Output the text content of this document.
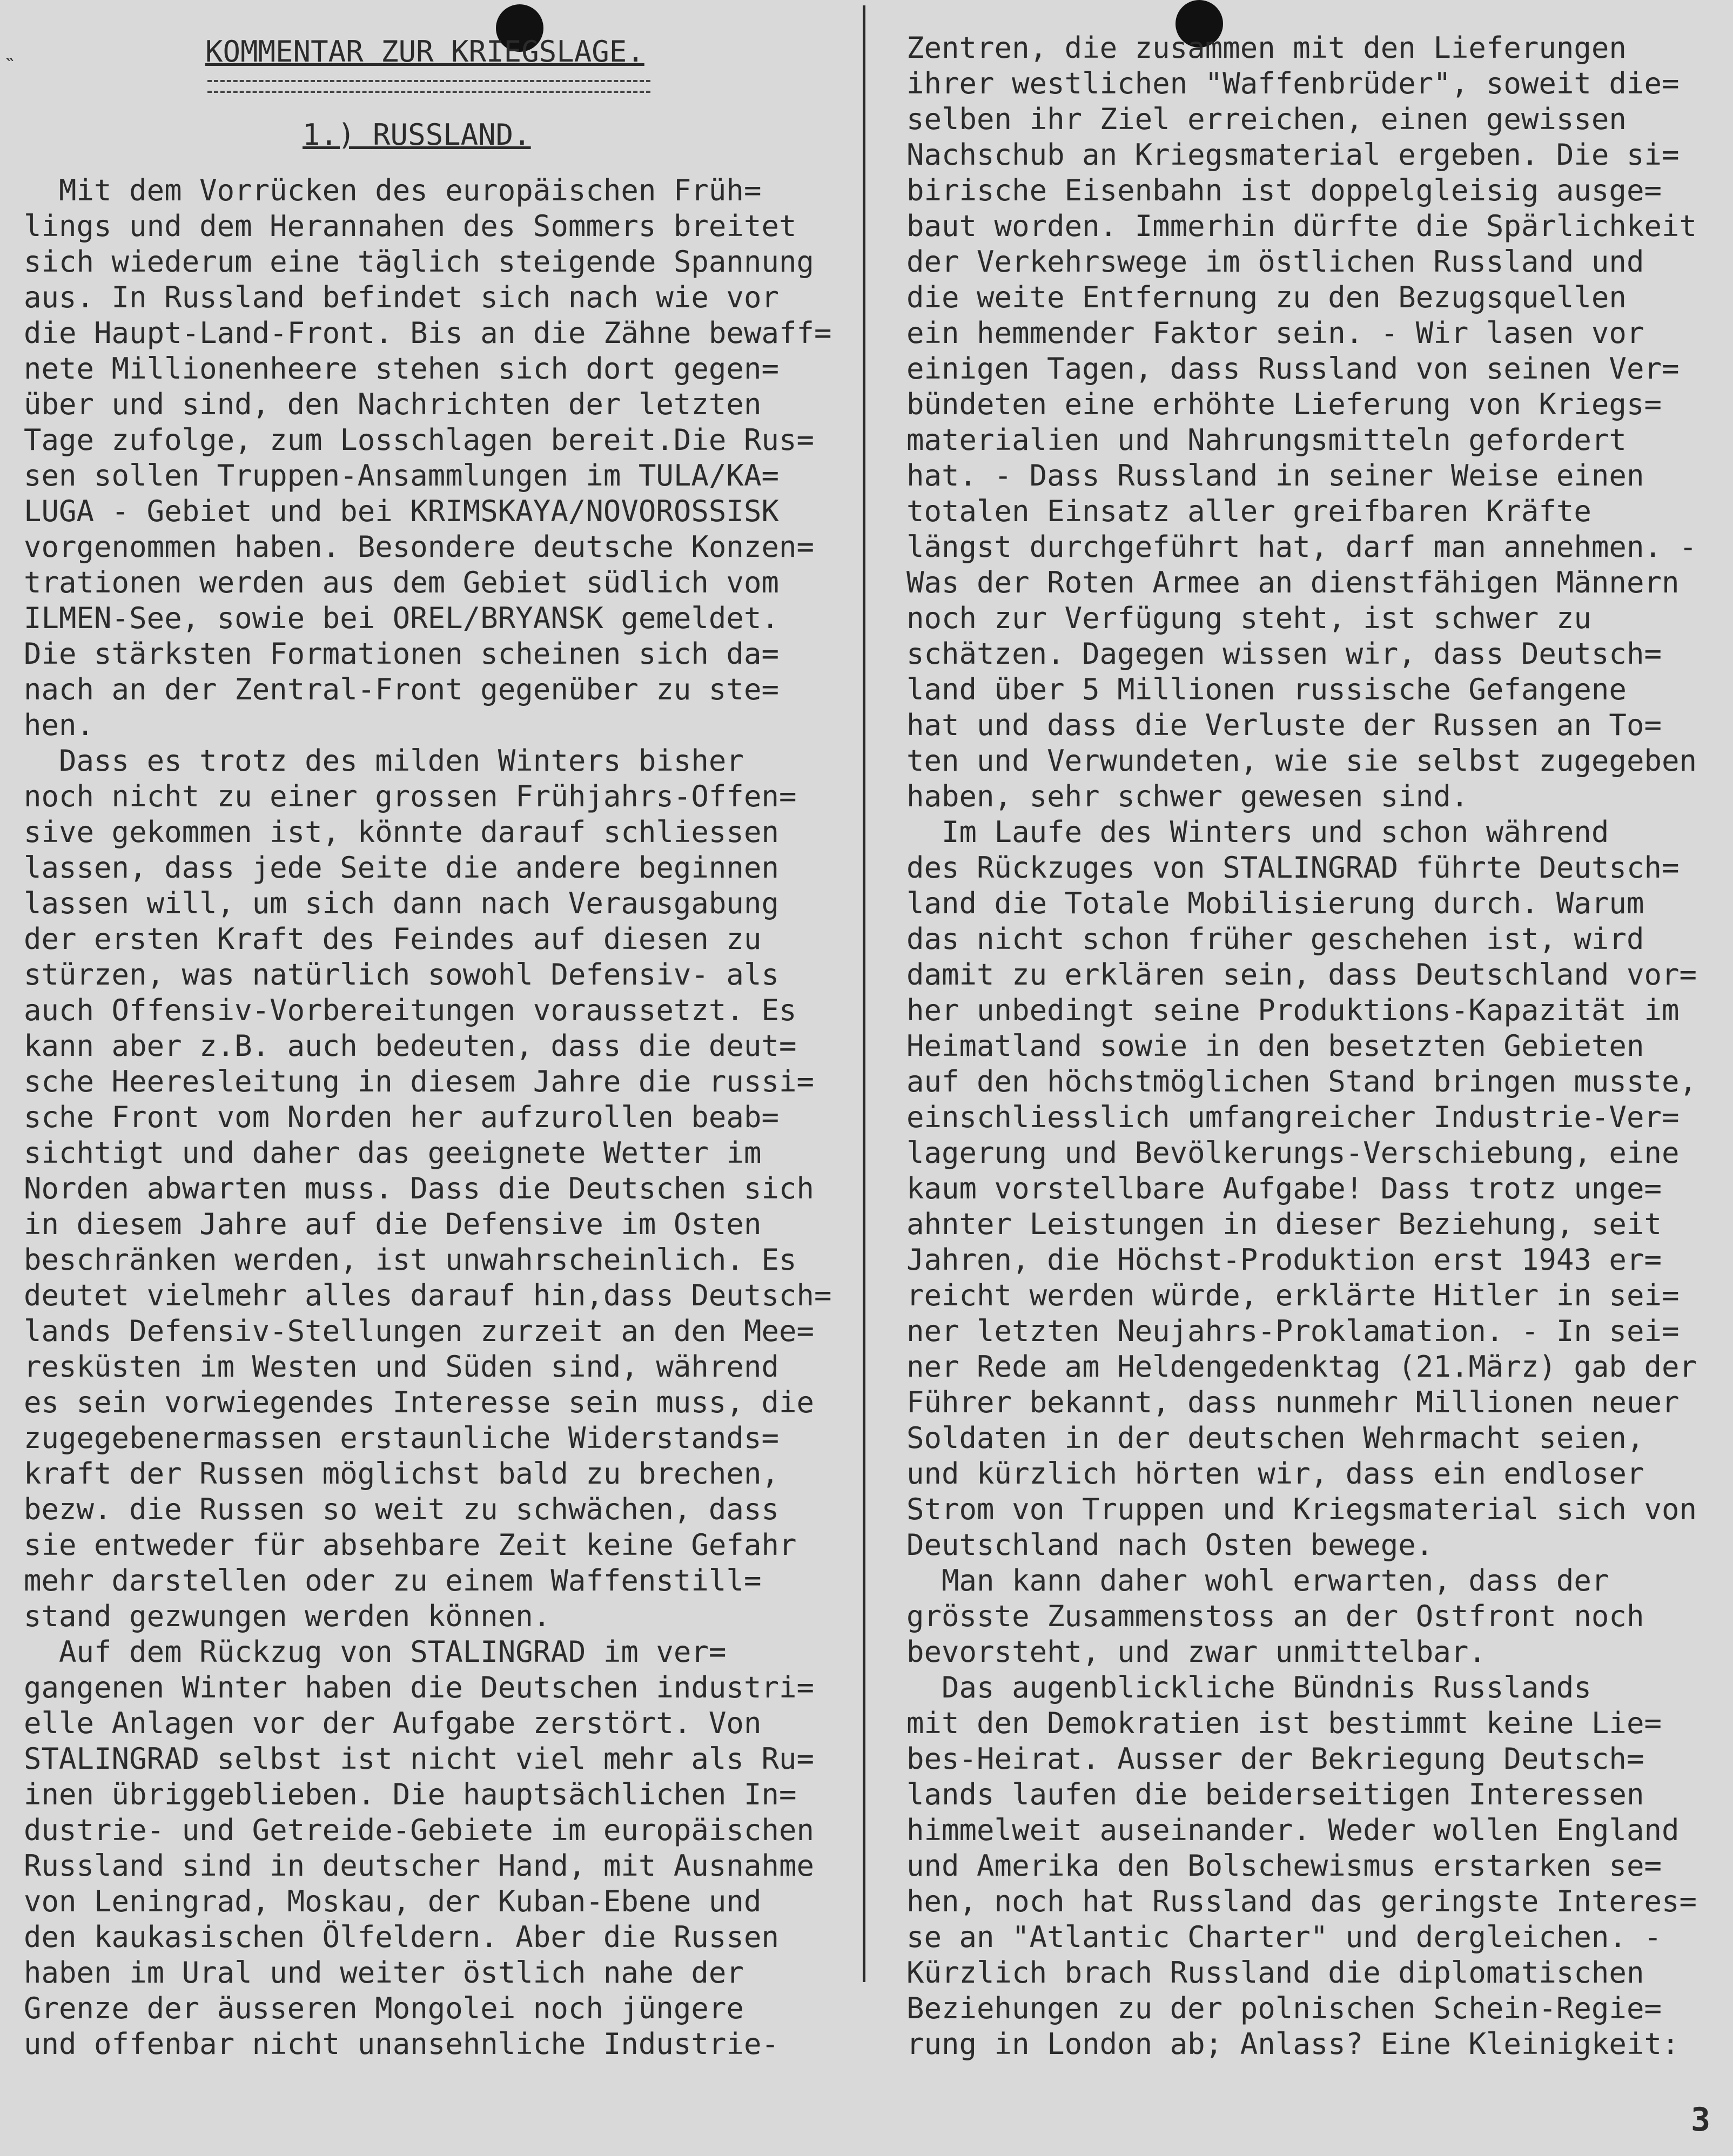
˵	KOMMENTAR ZUR KRIEGSLAGE.
1.) RUSSLAND.
Mit dem Vorrücken des europäischen Früh=
lings und dem Herannahen des Sommers breitet
sich wiederum eine täglich steigende Spannung
aus. In Russland befindet sich nach wie vor
die Haupt-Land-Front. Bis an die Zähne bewaff=
nete Millionenheere stehen sich dort gegen=
über und sind, den Nachrichten der letzten
Tage zufolge, zum Losschlagen bereit.Die Rus=
sen sollen Truppen-Ansammlungen im TULA/KA=
LUGA - Gebiet und bei KRIMSKAYA/NOVOROSSISK
vorgenommen haben. Besondere deutsche Konzen=
trationen werden aus dem Gebiet südlich vom
ILMEN-See, sowie bei OREL/BRYANSK gemeldet.
Die stärksten Formationen scheinen sich da=
nach an der Zentral-Front gegenüber zu ste=
hen.
Dass es trotz des milden Winters bisher
noch nicht zu einer grossen Frühjahrs-Offen=
sive gekommen ist, könnte darauf schliessen
lassen, dass jede Seite die andere beginnen
lassen will, um sich dann nach Verausgabung
der ersten Kraft des Feindes auf diesen zu
stürzen, was natürlich sowohl Defensiv- als
auch Offensiv-Vorbereitungen voraussetzt. Es
kann aber z.B. auch bedeuten, dass die deut=
sche Heeresleitung in diesem Jahre die russi=
sche Front vom Norden her aufzurollen beab=
sichtigt und daher das geeignete Wetter im
Norden abwarten muss. Dass die Deutschen sich
in diesem Jahre auf die Defensive im Osten
beschränken werden, ist unwahrscheinlich. Es
deutet vielmehr alles darauf hin,dass Deutsch=
lands Defensiv-Stellungen zurzeit an den Mee=
resküsten im Westen und Süden sind, während
es sein vorwiegendes Interesse sein muss, die
zugegebenermassen erstaunliche Widerstands=
kraft der Russen möglichst bald zu brechen,
bezw. die Russen so weit zu schwächen, dass
sie entweder für absehbare Zeit keine Gefahr
mehr darstellen oder zu einem Waffenstill=
stand gezwungen werden können.
Auf dem Rückzug von STALINGRAD im ver=
gangenen Winter haben die Deutschen industri=
elle Anlagen vor der Aufgabe zerstört. Von
STALINGRAD selbst ist nicht viel mehr als Ru=
inen übriggeblieben. Die hauptsächlichen In=
dustrie- und Getreide-Gebiete im europäischen
Russland sind in deutscher Hand, mit Ausnahme
von Leningrad, Moskau, der Kuban-Ebene und
den kaukasischen Ölfeldern. Aber die Russen
haben im Ural und weiter östlich nahe der
Grenze der äusseren Mongolei noch jüngere
und offenbar nicht unansehnliche Industrie-
Zentren, die zusammen mit den Lieferungen
ihrer westlichen "Waffenbrüder", soweit die=
selben ihr Ziel erreichen, einen gewissen
Nachschub an Kriegsmaterial ergeben. Die si=
birische Eisenbahn ist doppelgleisig ausge=
baut worden. Immerhin dürfte die Spärlichkeit
der Verkehrswege im östlichen Russland und
die weite Entfernung zu den Bezugsquellen
ein hemmender Faktor sein. - Wir lasen vor
einigen Tagen, dass Russland von seinen Ver=
bündeten eine erhöhte Lieferung von Kriegs=
materialien und Nahrungsmitteln gefordert
hat. - Dass Russland in seiner Weise einen
totalen Einsatz aller greifbaren Kräfte
längst durchgeführt hat, darf man annehmen. -
Was der Roten Armee an dienstfähigen Männern
noch zur Verfügung steht, ist schwer zu
schätzen. Dagegen wissen wir, dass Deutsch=
land über 5 Millionen russische Gefangene
hat und dass die Verluste der Russen an To=
ten und Verwundeten, wie sie selbst zugegeben
haben, sehr schwer gewesen sind.
Im Laufe des Winters und schon während
des Rückzuges von STALINGRAD führte Deutsch=
land die Totale Mobilisierung durch. Warum
das nicht schon früher geschehen ist, wird
damit zu erklären sein, dass Deutschland vor=
her unbedingt seine Produktions-Kapazität im
Heimatland sowie in den besetzten Gebieten
auf den höchstmöglichen Stand bringen musste,
einschliesslich umfangreicher Industrie-Ver=
lagerung und Bevölkerungs-Verschiebung, eine
kaum vorstellbare Aufgabe! Dass trotz unge=
ahnter Leistungen in dieser Beziehung, seit
Jahren, die Höchst-Produktion erst 1943 er=
reicht werden würde, erklärte Hitler in sei=
ner letzten Neujahrs-Proklamation. - In sei=
ner Rede am Heldengedenktag (21.März) gab der
Führer bekannt, dass nunmehr Millionen neuer
Soldaten in der deutschen Wehrmacht seien,
und kürzlich hörten wir, dass ein endloser
Strom von Truppen und Kriegsmaterial sich von
Deutschland nach Osten bewege.
Man kann daher wohl erwarten, dass der
grösste Zusammenstoss an der Ostfront noch
bevorsteht, und zwar unmittelbar.
Das augenblickliche Bündnis Russlands
mit den Demokratien ist bestimmt keine Lie=
bes-Heirat. Ausser der Bekriegung Deutsch=
lands laufen die beiderseitigen Interessen
himmelweit auseinander. Weder wollen England
und Amerika den Bolschewismus erstarken se=
hen, noch hat Russland das geringste Interes=
se an "Atlantic Charter" und dergleichen. -
Kürzlich brach Russland die diplomatischen
Beziehungen zu der polnischen Schein-Regie=
rung in London ab; Anlass? Eine Kleinigkeit:
3
